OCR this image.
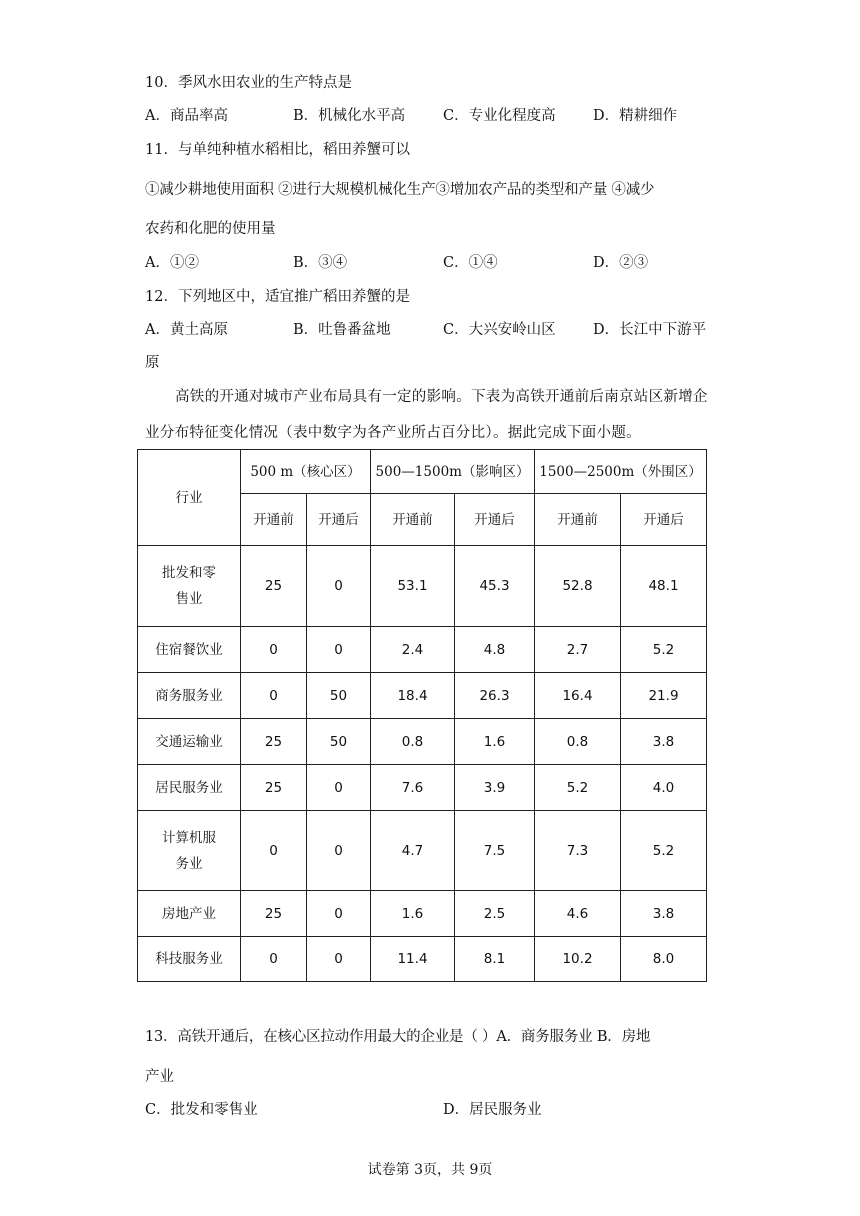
10．季风水田农业的生产特点是
A．商品率高	B．机械化水平高	C．专业化程度高	D．精耕细作
11．与单纯种植水稻相比，稻田养蟹可以
①减少耕地使用面积 ②进行大规模机械化生产③增加农产品的类型和产量 ④减少
农药和化肥的使用量
A．①②	B．③④	C．①④	D．②③
12．下列地区中，适宜推广稻田养蟹的是
A．黄土高原	B．吐鲁番盆地	C．大兴安岭山区	D．长江中下游平
原
高铁的开通对城市产业布局具有一定的影响。下表为高铁开通前后南京站区新增企
业分布特征变化情况（表中数字为各产业所占百分比）。据此完成下面小题。
行业	500 m（核心区）		500—1500m（影响区）		1500—2500m（外围区）	
	开通前	开通后	开通前	开通后	开通前	开通后
批发和零售业	25	0	53.1	45.3	52.8	48.1
住宿餐饮业	0	0	2.4	4.8	2.7	5.2
商务服务业	0	50	18.4	26.3	16.4	21.9
交通运输业	25	50	0.8	1.6	0.8	3.8
居民服务业	25	0	7.6	3.9	5.2	4.0
计算机服务业	0	0	4.7	7.5	7.3	5.2
房地产业	25	0	1.6	2.5	4.6	3.8
科技服务业	0	0	11.4	8.1	10.2	8.0
13．高铁开通后，在核心区拉动作用最大的企业是（ ）A．商务服务业 B．房地
产业
C．批发和零售业	D．居民服务业
试卷第 3页，共 9页
